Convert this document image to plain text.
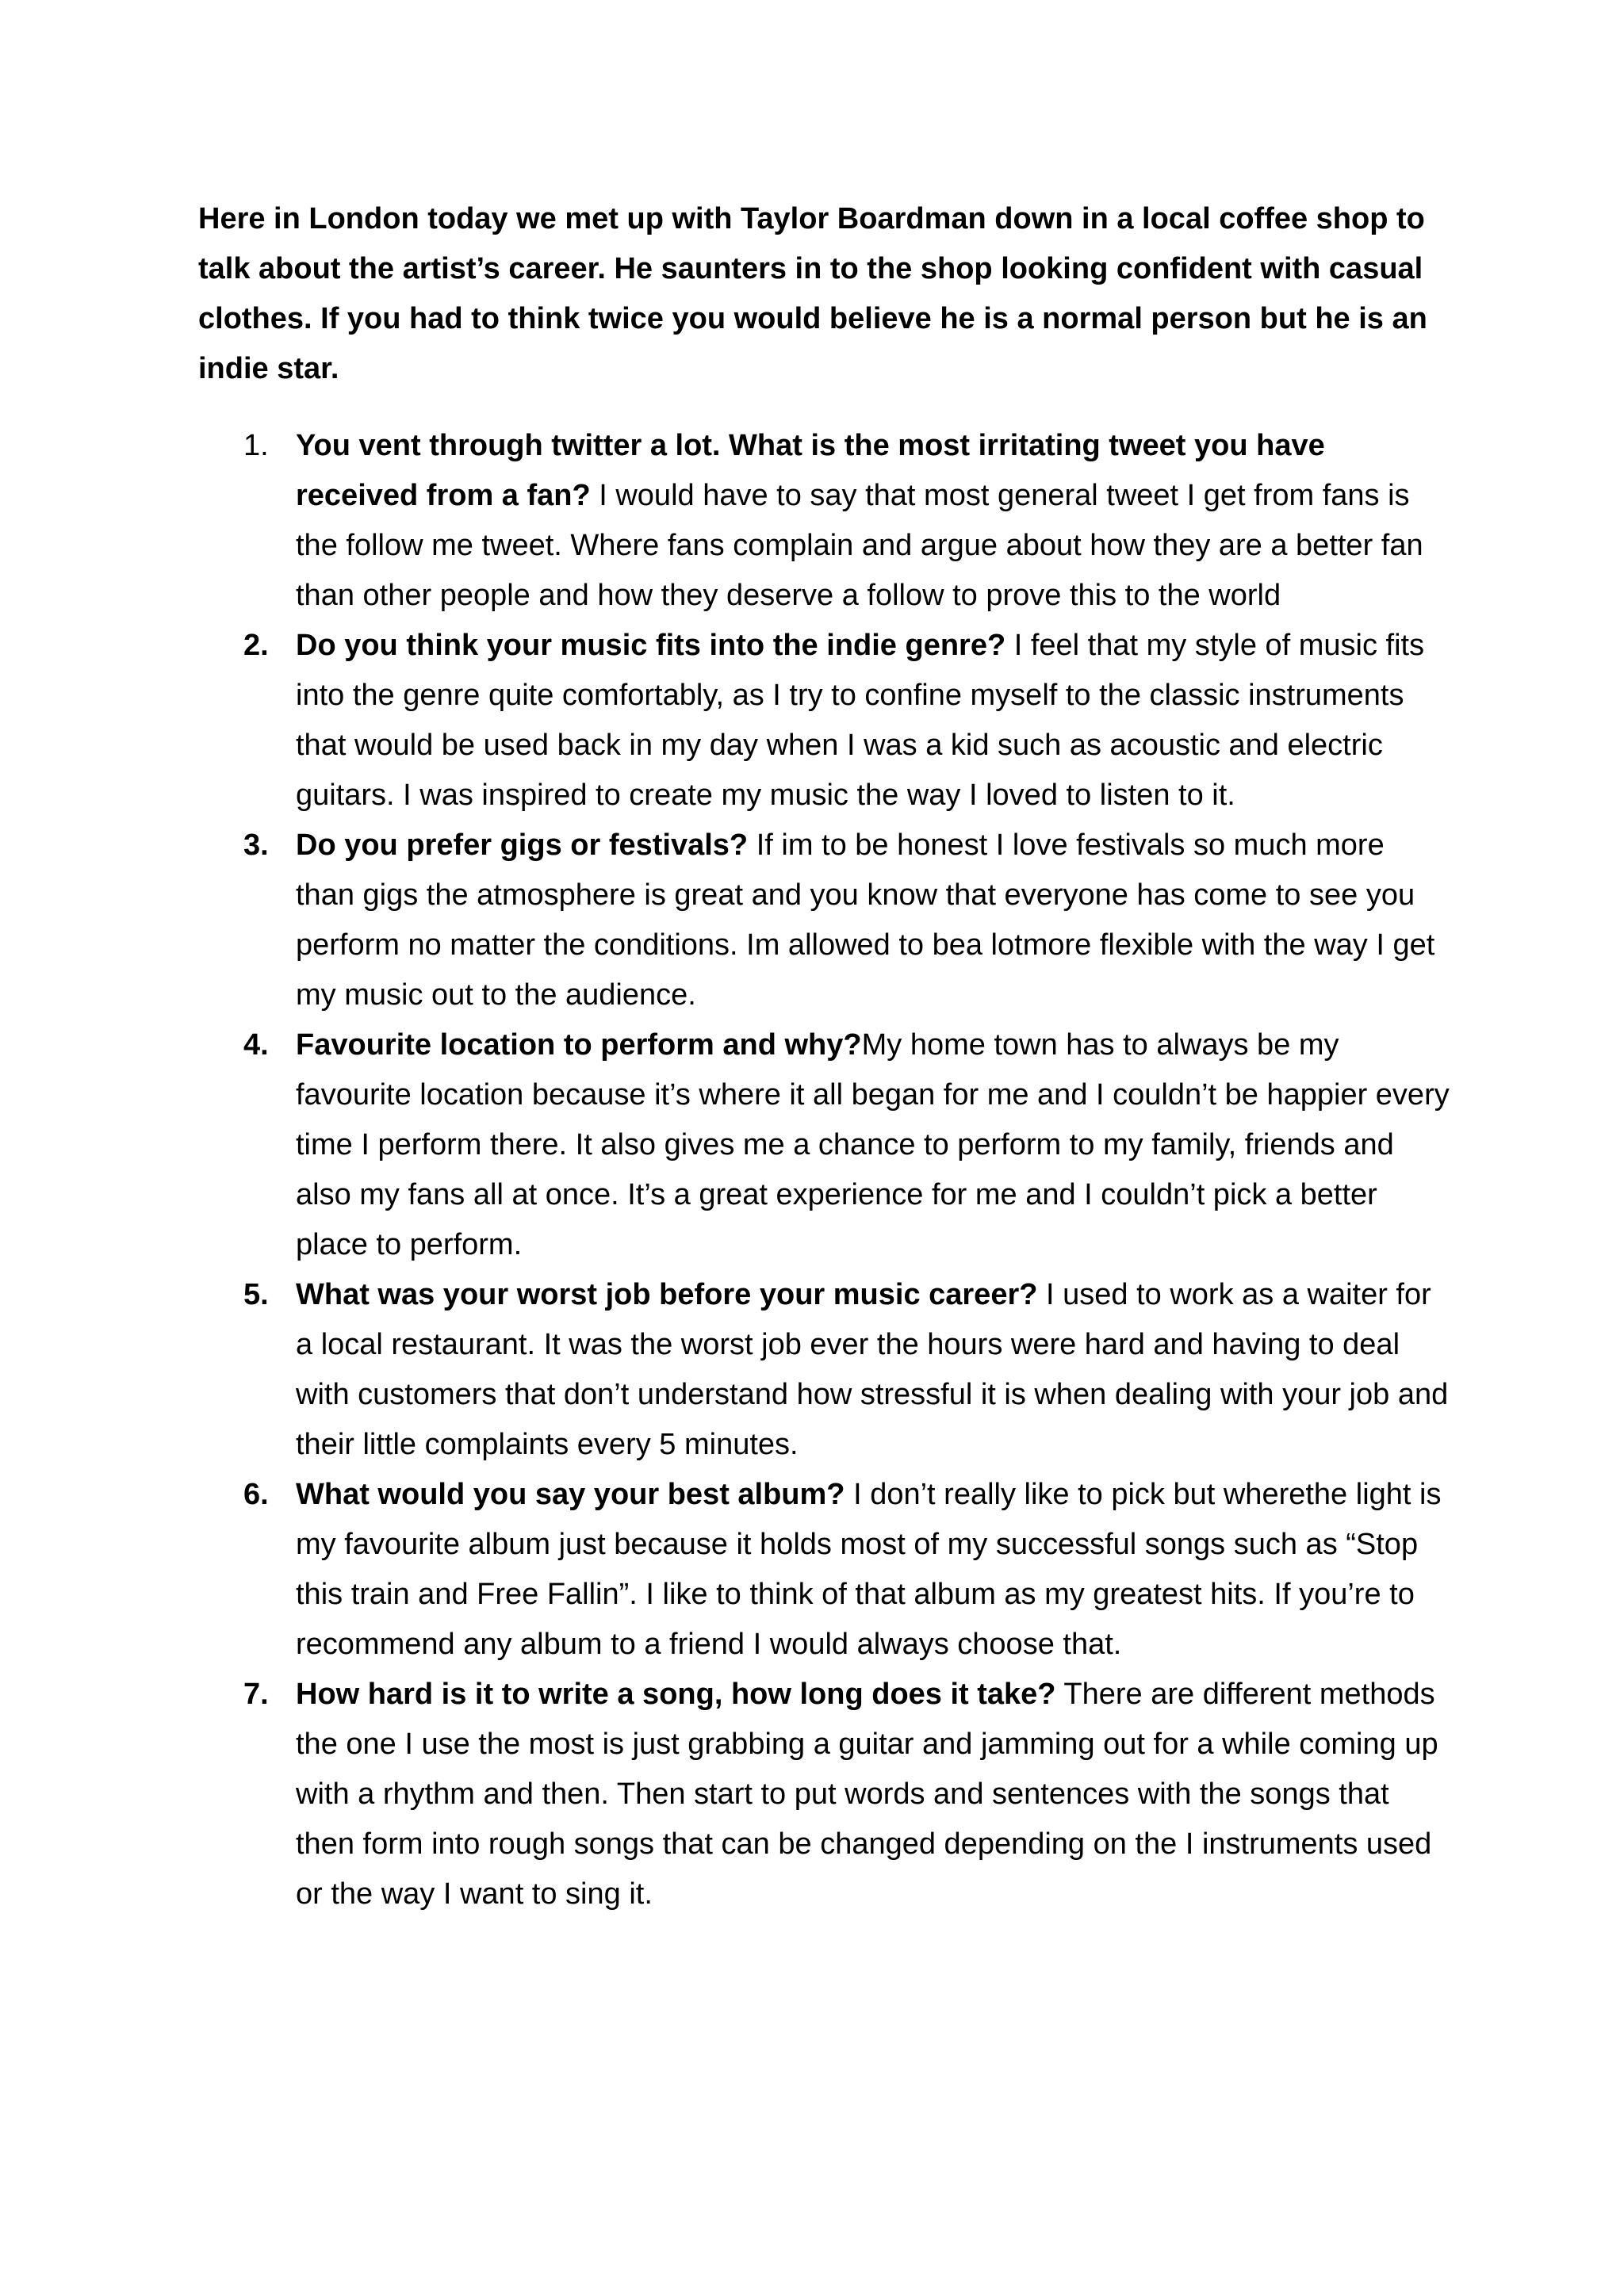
Here in London today we met up with Taylor Boardman down in a local coffee shop to talk about the artist’s career. He saunters in to the shop looking confident with casual clothes. If you had to think twice you would believe he is a normal person but he is an indie star.

1. You vent through twitter a lot. What is the most irritating tweet you have received from a fan? I would have to say that most general tweet I get from fans is the follow me tweet. Where fans complain and argue about how they are a better fan than other people and how they deserve a follow to prove this to the world
2. Do you think your music fits into the indie genre? I feel that my style of music fits into the genre quite comfortably, as I try to confine myself to the classic instruments that would be used back in my day when I was a kid such as acoustic and electric guitars. I was inspired to create my music the way I loved to listen to it.
3. Do you prefer gigs or festivals? If im to be honest I love festivals so much more than gigs the atmosphere is great and you know that everyone has come to see you perform no matter the conditions. Im allowed to bea lotmore flexible with the way I get my music out to the audience.
4. Favourite location to perform and why?My home town has to always be my favourite location because it’s where it all began for me and I couldn’t be happier every time I perform there. It also gives me a chance to perform to my family, friends and also my fans all at once. It’s a great experience for me and I couldn’t pick a better place to perform.
5. What was your worst job before your music career? I used to work as a waiter for a local restaurant. It was the worst job ever the hours were hard and having to deal with customers that don’t understand how stressful it is when dealing with your job and their little complaints every 5 minutes.
6. What would you say your best album? I don’t really like to pick but wherethe light is my favourite album just because it holds most of my successful songs such as “Stop this train and Free Fallin”. I like to think of that album as my greatest hits. If you’re to recommend any album to a friend I would always choose that.
7. How hard is it to write a song, how long does it take? There are different methods the one I use the most is just grabbing a guitar and jamming out for a while coming up with a rhythm and then. Then start to put words and sentences with the songs that then form into rough songs that can be changed depending on the I instruments used or the way I want to sing it.
